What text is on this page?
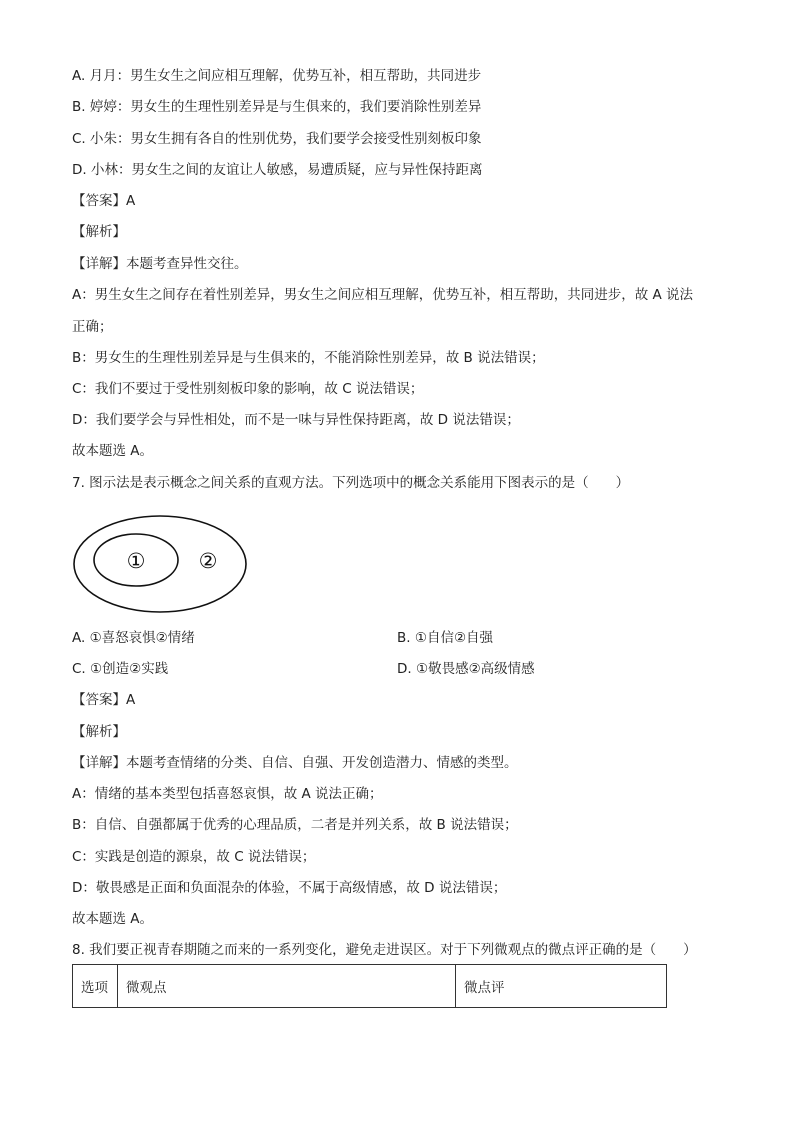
A. 月月：男生女生之间应相互理解，优势互补，相互帮助，共同进步
B. 婷婷：男女生的生理性别差异是与生俱来的，我们要消除性别差异
C. 小朱：男女生拥有各自的性别优势，我们要学会接受性别刻板印象
D. 小林：男女生之间的友谊让人敏感，易遭质疑，应与异性保持距离
【答案】A
【解析】
【详解】本题考查异性交往。
A：男生女生之间存在着性别差异，男女生之间应相互理解，优势互补，相互帮助，共同进步，故 A 说法
正确；
B：男女生的生理性别差异是与生俱来的，不能消除性别差异，故 B 说法错误；
C：我们不要过于受性别刻板印象的影响，故 C 说法错误；
D：我们要学会与异性相处，而不是一味与异性保持距离，故 D 说法错误；
故本题选 A。
7. 图示法是表示概念之间关系的直观方法。下列选项中的概念关系能用下图表示的是（　　）
①	②
A. ①喜怒哀惧②情绪	B. ①自信②自强
C. ①创造②实践	D. ①敬畏感②高级情感
【答案】A
【解析】
【详解】本题考查情绪的分类、自信、自强、开发创造潜力、情感的类型。
A：情绪的基本类型包括喜怒哀惧，故 A 说法正确；
B：自信、自强都属于优秀的心理品质，二者是并列关系，故 B 说法错误；
C：实践是创造的源泉，故 C 说法错误；
D：敬畏感是正面和负面混杂的体验，不属于高级情感，故 D 说法错误；
故本题选 A。
8. 我们要正视青春期随之而来的一系列变化，避免走进误区。对于下列微观点的微点评正确的是（　　）
选项	微观点	微点评
